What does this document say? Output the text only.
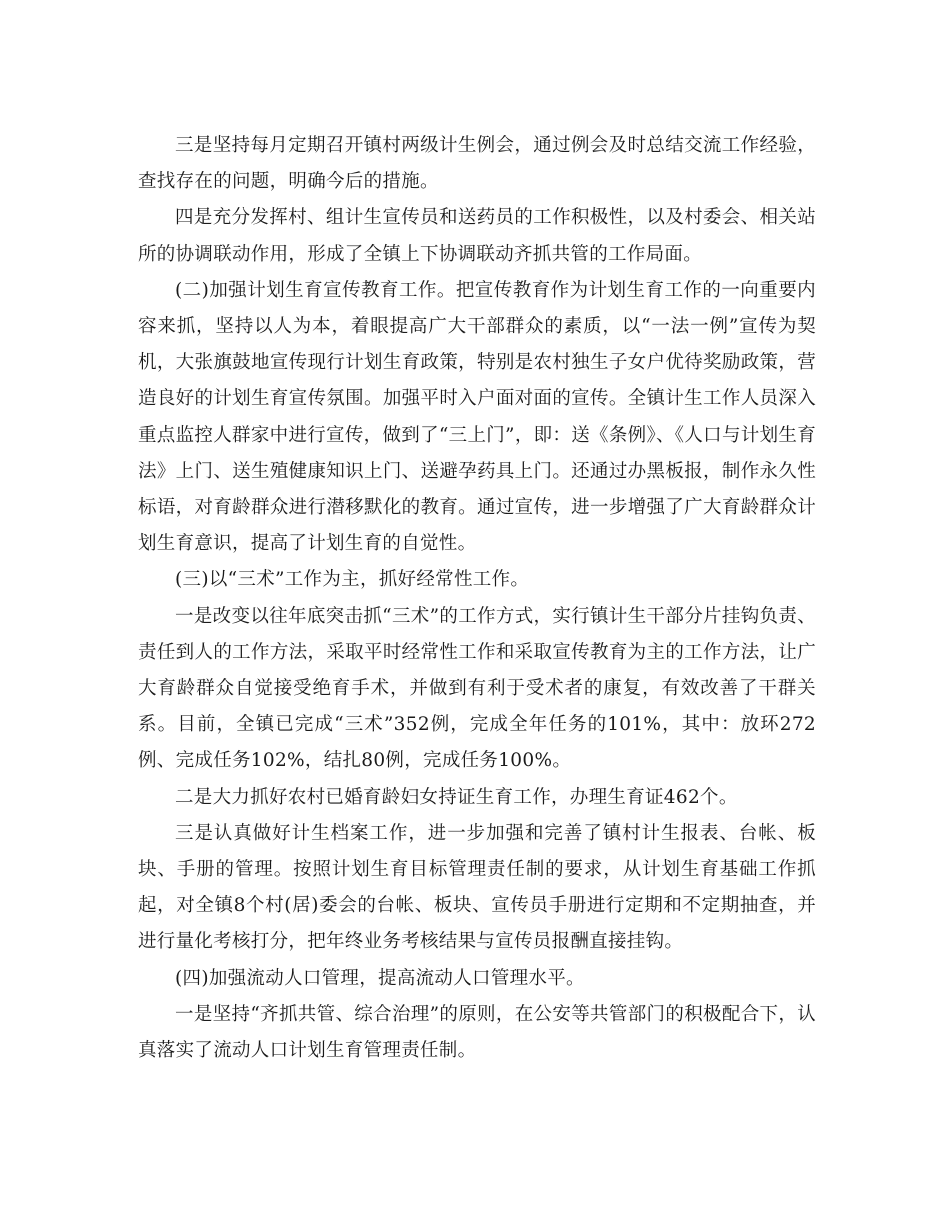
三是坚持每月定期召开镇村两级计生例会，通过例会及时总结交流工作经验，查找存在的问题，明确今后的措施。

四是充分发挥村、组计生宣传员和送药员的工作积极性，以及村委会、相关站所的协调联动作用，形成了全镇上下协调联动齐抓共管的工作局面。

(二)加强计划生育宣传教育工作。把宣传教育作为计划生育工作的一向重要内容来抓，坚持以人为本，着眼提高广大干部群众的素质，以“一法一例”宣传为契机，大张旗鼓地宣传现行计划生育政策，特别是农村独生子女户优待奖励政策，营造良好的计划生育宣传氛围。加强平时入户面对面的宣传。全镇计生工作人员深入重点监控人群家中进行宣传，做到了“三上门”，即：送《条例》、《人口与计划生育法》上门、送生殖健康知识上门、送避孕药具上门。还通过办黑板报，制作永久性标语，对育龄群众进行潜移默化的教育。通过宣传，进一步增强了广大育龄群众计划生育意识，提高了计划生育的自觉性。

(三)以“三术”工作为主，抓好经常性工作。

一是改变以往年底突击抓“三术”的工作方式，实行镇计生干部分片挂钩负责、责任到人的工作方法，采取平时经常性工作和采取宣传教育为主的工作方法，让广大育龄群众自觉接受绝育手术，并做到有利于受术者的康复，有效改善了干群关系。目前，全镇已完成“三术”352例，完成全年任务的101%，其中：放环272例、完成任务102%，结扎80例，完成任务100%。

二是大力抓好农村已婚育龄妇女持证生育工作，办理生育证462个。

三是认真做好计生档案工作，进一步加强和完善了镇村计生报表、台帐、板块、手册的管理。按照计划生育目标管理责任制的要求，从计划生育基础工作抓起，对全镇8个村(居)委会的台帐、板块、宣传员手册进行定期和不定期抽查，并进行量化考核打分，把年终业务考核结果与宣传员报酬直接挂钩。

(四)加强流动人口管理，提高流动人口管理水平。

一是坚持“齐抓共管、综合治理”的原则，在公安等共管部门的积极配合下，认真落实了流动人口计划生育管理责任制。
